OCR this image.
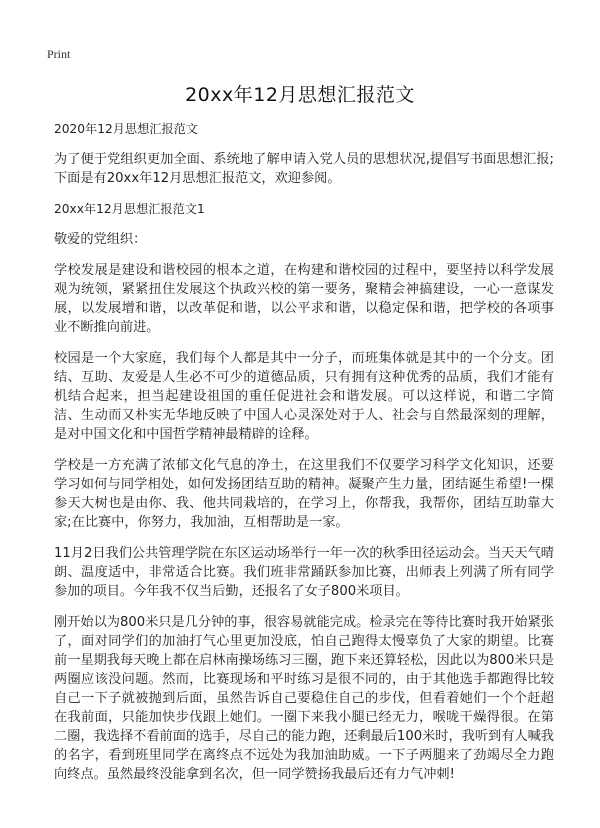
Print
20xx年12月思想汇报范文

2020年12月思想汇报范文

为了便于党组织更加全面、系统地了解申请入党人员的思想状况,提倡写书面思想汇报;下面是有20xx年12月思想汇报范文，欢迎参阅。

20xx年12月思想汇报范文1

敬爱的党组织：

学校发展是建设和谐校园的根本之道，在构建和谐校园的过程中，要坚持以科学发展观为统领，紧紧扭住发展这个执政兴校的第一要务，聚精会神搞建设，一心一意谋发展，以发展增和谐，以改革促和谐，以公平求和谐，以稳定保和谐，把学校的各项事业不断推向前进。

校园是一个大家庭，我们每个人都是其中一分子，而班集体就是其中的一个分支。团结、互助、友爱是人生必不可少的道德品质，只有拥有这种优秀的品质，我们才能有机结合起来，担当起建设祖国的重任促进社会和谐发展。可以这样说，和谐二字简洁、生动而又朴实无华地反映了中国人心灵深处对于人、社会与自然最深刻的理解，是对中国文化和中国哲学精神最精辟的诠释。

学校是一方充满了浓郁文化气息的净土，在这里我们不仅要学习科学文化知识，还要学习如何与同学相处，如何发扬团结互助的精神。凝聚产生力量，团结诞生希望!一棵参天大树也是由你、我、他共同栽培的，在学习上，你帮我，我帮你，团结互助靠大家;在比赛中，你努力，我加油，互相帮助是一家。

11月2日我们公共管理学院在东区运动场举行一年一次的秋季田径运动会。当天天气晴朗、温度适中，非常适合比赛。我们班非常踊跃参加比赛，出师表上列满了所有同学参加的项目。今年我不仅当后勤，还报名了女子800米项目。

刚开始以为800米只是几分钟的事，很容易就能完成。检录完在等待比赛时我开始紧张了，面对同学们的加油打气心里更加没底，怕自己跑得太慢辜负了大家的期望。比赛前一星期我每天晚上都在启林南操场练习三圈，跑下来还算轻松，因此以为800米只是两圈应该没问题。然而，比赛现场和平时练习是很不同的，由于其他选手都跑得比较自己一下子就被抛到后面，虽然告诉自己要稳住自己的步伐，但看着她们一个个赶超在我前面，只能加快步伐跟上她们。一圈下来我小腿已经无力，喉咙干燥得很。在第二圈，我选择不看前面的选手，尽自己的能力跑，还剩最后100米时，我听到有人喊我的名字，看到班里同学在离终点不远处为我加油助威。一下子两腿来了劲竭尽全力跑向终点。虽然最终没能拿到名次，但一同学赞扬我最后还有力气冲刺!
